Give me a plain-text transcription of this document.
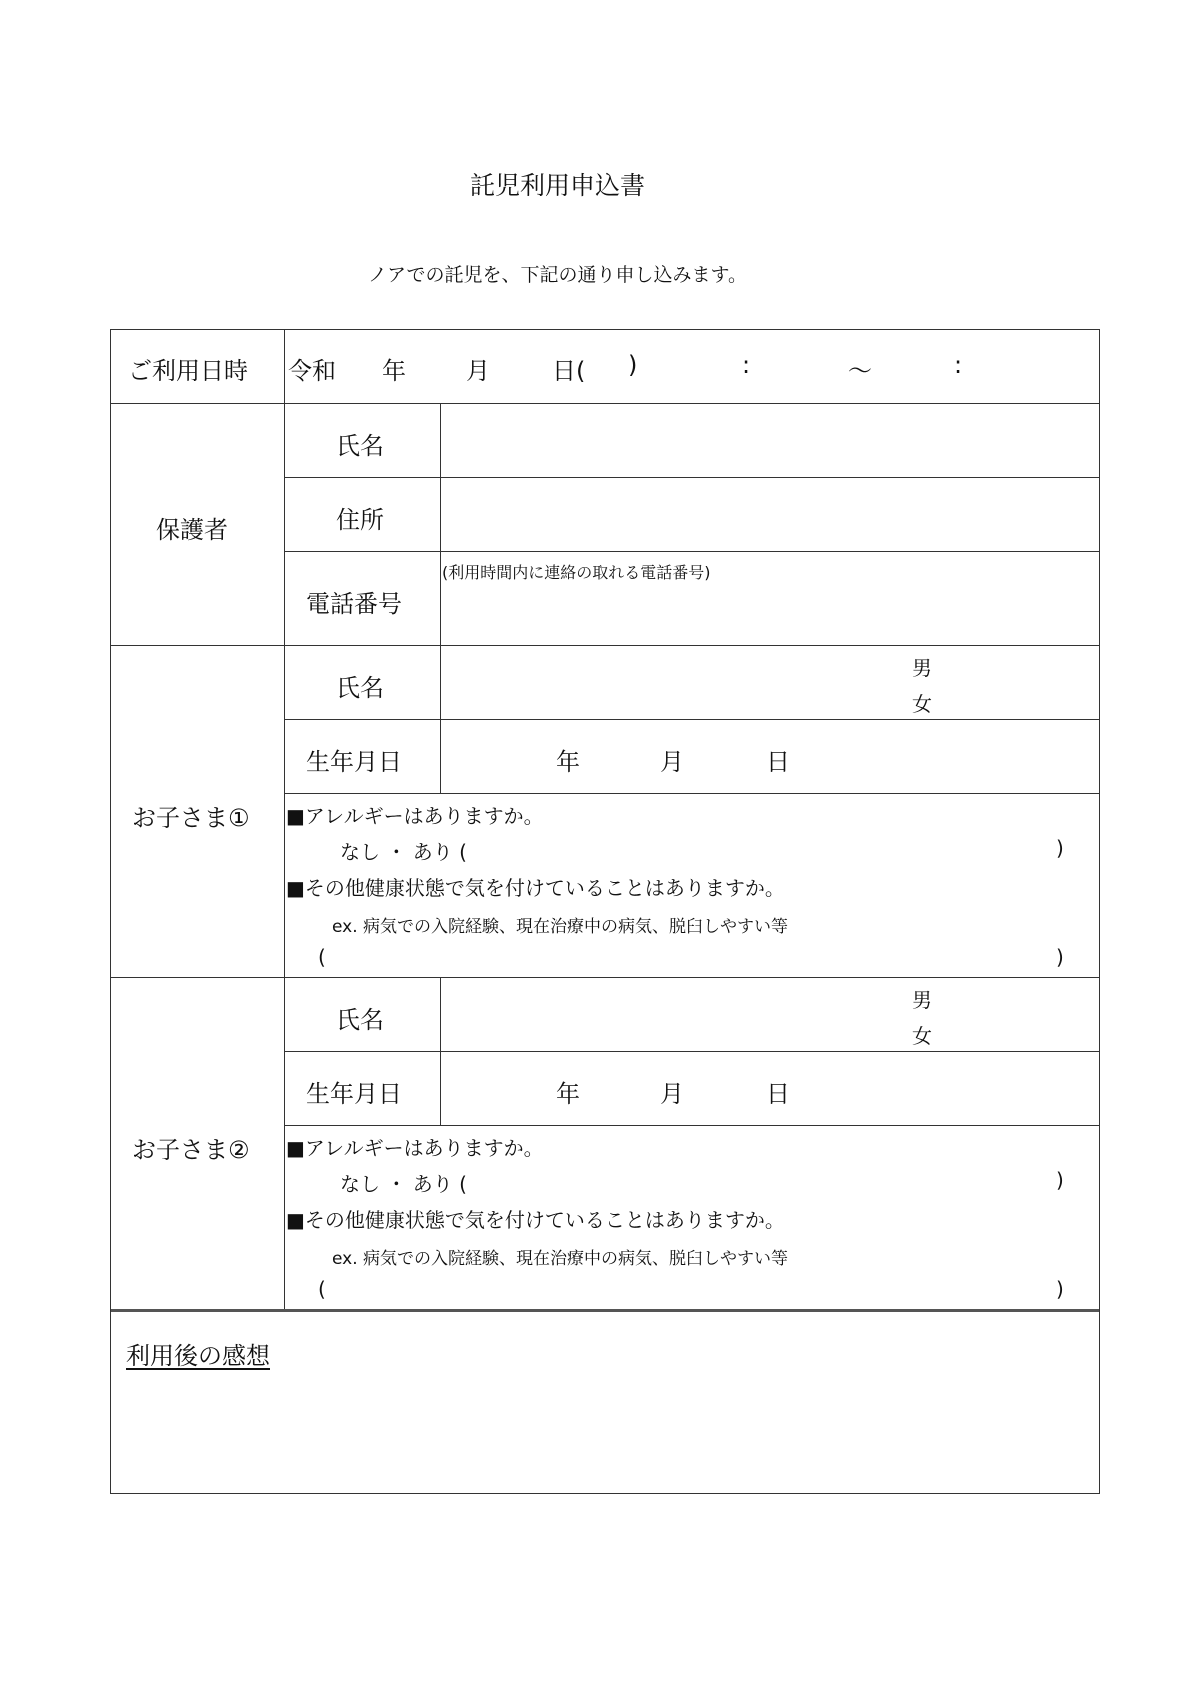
託児利用申込書
ノアでの託児を、下記の通り申し込みます。
ご利用日時 令和 年	月	日( )	:	～	:
保護者
氏名
住所
電話番号
(利用時間内に連絡の取れる電話番号)
お子さま①
氏名
男
女
生年月日	年	月	日
■アレルギーはありますか。
なし ・ あり (	)
■その他健康状態で気を付けていることはありますか。
ex. 病気での入院経験、現在治療中の病気、脱臼しやすい等
(	)
お子さま②
氏名
男
女
生年月日	年	月	日
■アレルギーはありますか。
なし ・ あり (	)
■その他健康状態で気を付けていることはありますか。
ex. 病気での入院経験、現在治療中の病気、脱臼しやすい等
(	)
利用後の感想
